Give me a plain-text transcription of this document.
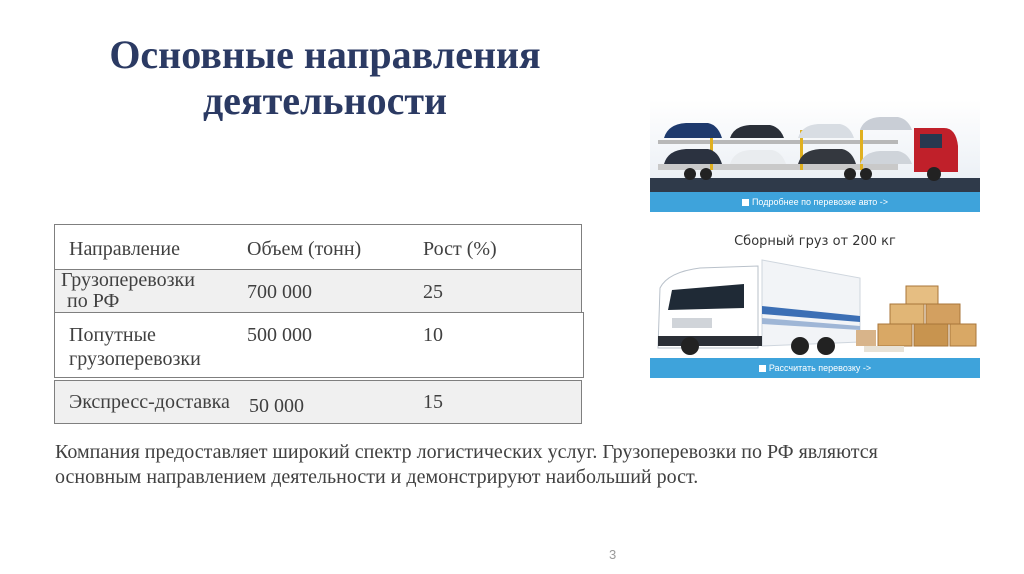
Основные направления
деятельности
Направление	Объем (тонн)	Рост (%)
Грузоперевозки
по РФ	700 000	25
Попутные
грузоперевозки
500 000	10
Экспресс-доставка 50 000	15
Компания предоставляет широкий спектр логистических услуг. Грузоперевозки по РФ являются
основным направлением деятельности и демонстрируют наибольший рост.
Подробнее по перевозке авто ->
Сборный груз от 200 кг
Рассчитать перевозку ->
3
